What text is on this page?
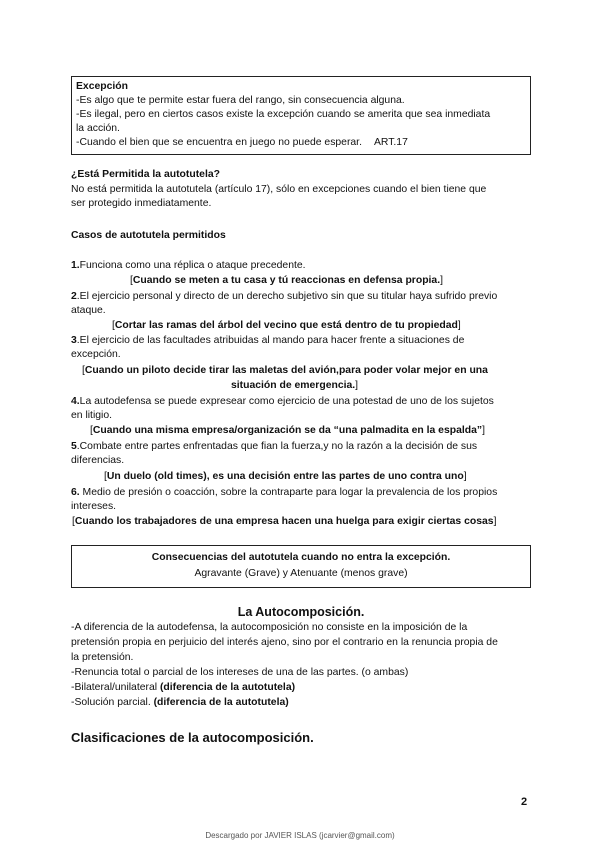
Excepción
-Es algo que te permite estar fuera del rango, sin consecuencia alguna.
-Es ilegal, pero en ciertos casos existe la excepción cuando se amerita que sea inmediata
la acción.
-Cuando el bien que se encuentra en juego no puede esperar. ART.17
¿Está Permitida la autotutela?
No está permitida la autotutela (artículo 17), sólo en excepciones cuando el bien tiene que
ser protegido inmediatamente.
Casos de autotutela permitidos
1.Funciona como una réplica o ataque precedente.
[Cuando se meten a tu casa y tú reaccionas en defensa propia.]
2.El ejercicio personal y directo de un derecho subjetivo sin que su titular haya sufrido previo
ataque.
[Cortar las ramas del árbol del vecino que está dentro de tu propiedad]
3.El ejercicio de las facultades atribuidas al mando para hacer frente a situaciones de
excepción.
[Cuando un piloto decide tirar las maletas del avión,para poder volar mejor en una
situación de emergencia.]
4.La autodefensa se puede expresear como ejercicio de una potestad de uno de los sujetos
en litigio.
[Cuando una misma empresa/organización se da “una palmadita en la espalda”]
5.Combate entre partes enfrentadas que fian la fuerza,y no la razón a la decisión de sus
diferencias.
[Un duelo (old times), es una decisión entre las partes de uno contra uno]
6. Medio de presión o coacción, sobre la contraparte para logar la prevalencia de los propios
intereses.
[Cuando los trabajadores de una empresa hacen una huelga para exigir ciertas cosas]
Consecuencias del autotutela cuando no entra la excepción.
Agravante (Grave) y Atenuante (menos grave)
La Autocomposición.
-A diferencia de la autodefensa, la autocomposición no consiste en la imposición de la
pretensión propia en perjuicio del interés ajeno, sino por el contrario en la renuncia propia de
la pretensión.
-Renuncia total o parcial de los intereses de una de las partes. (o ambas)
-Bilateral/unilateral (diferencia de la autotutela)
-Solución parcial. (diferencia de la autotutela)
Clasificaciones de la autocomposición.
2
Descargado por JAVIER ISLAS (jcarvier@gmail.com)
